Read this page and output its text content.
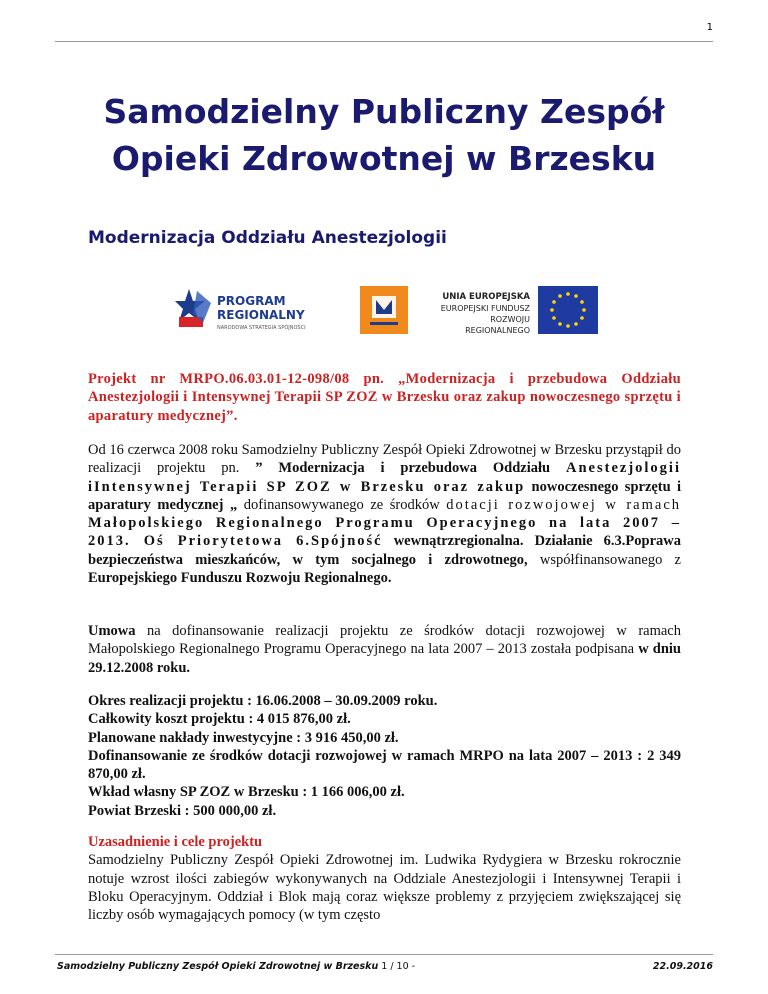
1
Samodzielny Publiczny Zespół
Opieki Zdrowotnej w Brzesku
Modernizacja Oddziału Anestezjologii
PROGRAM
REGIONALNY
NARODOWA STRATEGIA SPÓJNOŚCI
UNIA EUROPEJSKA
EUROPEJSKI FUNDUSZ
ROZWOJU REGIONALNEGO

Projekt nr MRPO.06.03.01-12-098/08 pn. „Modernizacja i przebudowa Oddziału Anestezjologii i Intensywnej Terapii SP ZOZ w Brzesku oraz zakup nowoczesnego sprzętu i aparatury medycznej”.

Od 16 czerwca 2008 roku Samodzielny Publiczny Zespół Opieki Zdrowotnej w Brzesku przystąpił do realizacji projektu pn. ” Modernizacja i przebudowa Oddziału Anestezjologii iIntensywnej Terapii SP ZOZ w Brzesku oraz zakup nowoczesnego sprzętu i aparatury medycznej „ dofinansowywanego ze środków dotacji rozwojowej w ramach Małopolskiego Regionalnego Programu Operacyjnego na lata 2007 – 2013. Oś Priorytetowa 6.Spójność wewnątrzregionalna. Działanie 6.3.Poprawa bezpieczeństwa mieszkańców, w tym socjalnego i zdrowotnego, współfinansowanego z Europejskiego Funduszu Rozwoju Regionalnego.

Umowa na dofinansowanie realizacji projektu ze środków dotacji rozwojowej w ramach Małopolskiego Regionalnego Programu Operacyjnego na lata 2007 – 2013 została podpisana w dniu 29.12.2008 roku.

Okres realizacji projektu : 16.06.2008 – 30.09.2009 roku.
Całkowity koszt projektu : 4 015 876,00 zł.
Planowane nakłady inwestycyjne : 3 916 450,00 zł.
Dofinansowanie ze środków dotacji rozwojowej w ramach MRPO na lata 2007 – 2013 : 2 349 870,00 zł.
Wkład własny SP ZOZ w Brzesku : 1 166 006,00 zł.
Powiat Brzeski : 500 000,00 zł.
Uzasadnienie i cele projektu
Samodzielny Publiczny Zespół Opieki Zdrowotnej im. Ludwika Rydygiera w Brzesku rokrocznie notuje wzrost ilości zabiegów wykonywanych na Oddziale Anestezjologii i Intensywnej Terapii i Bloku Operacyjnym. Oddział i Blok mają coraz większe problemy z przyjęciem zwiększającej się liczby osób wymagających pomocy (w tym często
Samodzielny Publiczny Zespół Opieki Zdrowotnej w Brzesku 1 / 10 -	22.09.2016
